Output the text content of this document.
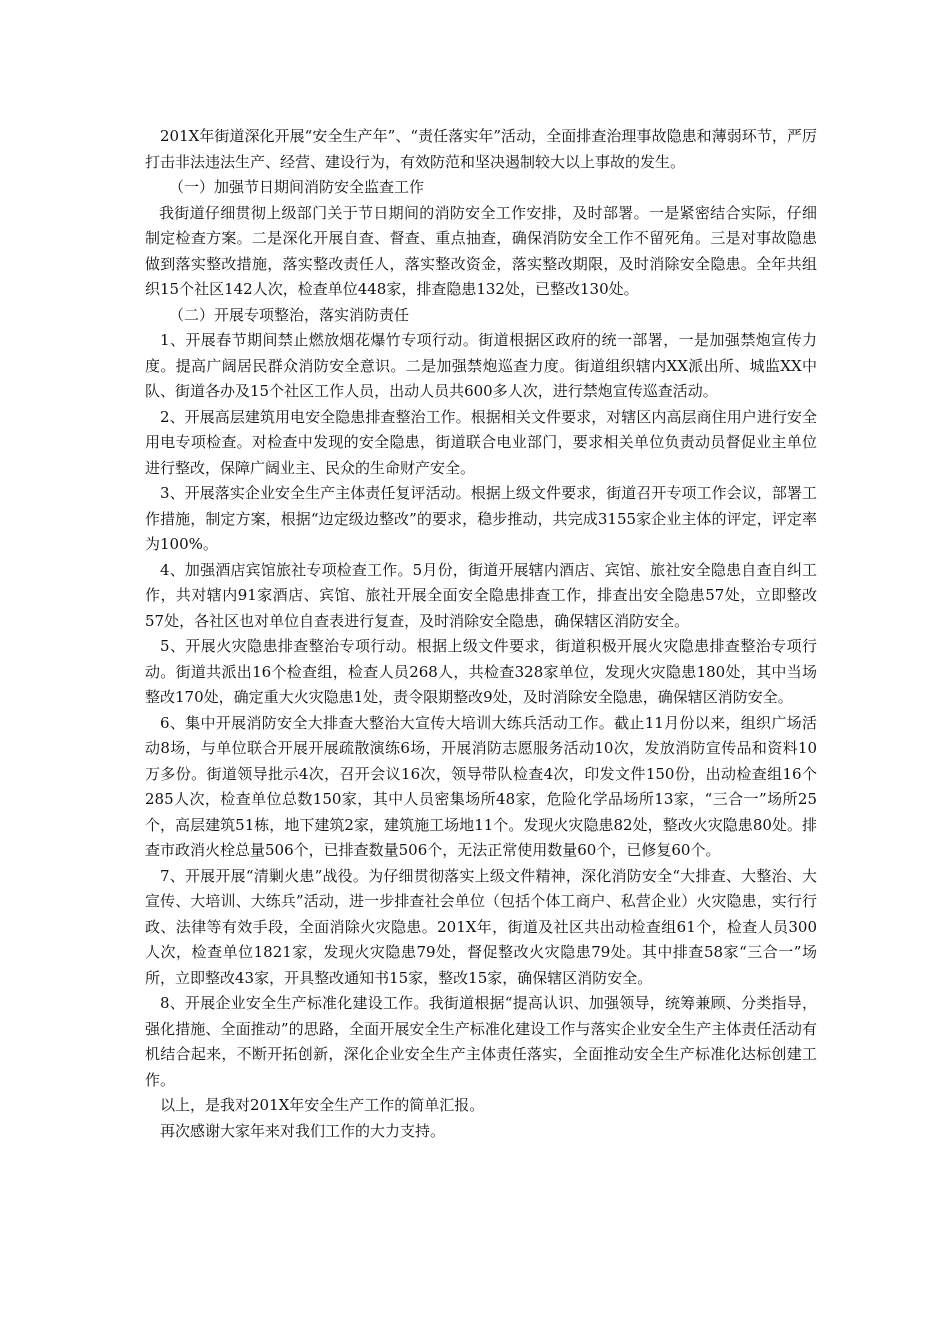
201X年街道深化开展“安全生产年”、“责任落实年”活动，全面排查治理事故隐患和薄弱环节，严厉打击非法违法生产、经营、建设行为，有效防范和坚决遏制较大以上事故的发生。

（一）加强节日期间消防安全监查工作

我街道仔细贯彻上级部门关于节日期间的消防安全工作安排，及时部署。一是紧密结合实际，仔细制定检查方案。二是深化开展自查、督查、重点抽查，确保消防安全工作不留死角。三是对事故隐患做到落实整改措施，落实整改责任人，落实整改资金，落实整改期限，及时消除安全隐患。全年共组织15个社区142人次，检查单位448家，排查隐患132处，已整改130处。

（二）开展专项整治，落实消防责任

1、开展春节期间禁止燃放烟花爆竹专项行动。街道根据区政府的统一部署，一是加强禁炮宣传力度。提高广阔居民群众消防安全意识。二是加强禁炮巡查力度。街道组织辖内XX派出所、城监XX中队、街道各办及15个社区工作人员，出动人员共600多人次，进行禁炮宣传巡查活动。

2、开展高层建筑用电安全隐患排查整治工作。根据相关文件要求，对辖区内高层商住用户进行安全用电专项检查。对检查中发现的安全隐患，街道联合电业部门，要求相关单位负责动员督促业主单位进行整改，保障广阔业主、民众的生命财产安全。

3、开展落实企业安全生产主体责任复评活动。根据上级文件要求，街道召开专项工作会议，部署工作措施，制定方案，根据“边定级边整改”的要求，稳步推动，共完成3155家企业主体的评定，评定率为100%。

4、加强酒店宾馆旅社专项检查工作。5月份，街道开展辖内酒店、宾馆、旅社安全隐患自查自纠工作，共对辖内91家酒店、宾馆、旅社开展全面安全隐患排查工作，排查出安全隐患57处，立即整改57处，各社区也对单位自查表进行复查，及时消除安全隐患，确保辖区消防安全。

5、开展火灾隐患排查整治专项行动。根据上级文件要求，街道积极开展火灾隐患排查整治专项行动。街道共派出16个检查组，检查人员268人，共检查328家单位，发现火灾隐患180处，其中当场整改170处，确定重大火灾隐患1处，责令限期整改9处，及时消除安全隐患，确保辖区消防安全。

6、集中开展消防安全大排查大整治大宣传大培训大练兵活动工作。截止11月份以来，组织广场活动8场，与单位联合开展开展疏散演练6场，开展消防志愿服务活动10次，发放消防宣传品和资料10万多份。街道领导批示4次，召开会议16次，领导带队检查4次，印发文件150份，出动检查组16个 285人次，检查单位总数150家，其中人员密集场所48家，危险化学品场所13家，“三合一”场所25个，高层建筑51栋，地下建筑2家，建筑施工场地11个。发现火灾隐患82处，整改火灾隐患80处。排查市政消火栓总量506个，已排查数量506个，无法正常使用数量60个，已修复60个。

7、开展开展“清剿火患”战役。为仔细贯彻落实上级文件精神，深化消防安全“大排查、大整治、大宣传、大培训、大练兵”活动，进一步排查社会单位（包括个体工商户、私营企业）火灾隐患，实行行政、法律等有效手段，全面消除火灾隐患。201X年，街道及社区共出动检查组61个，检查人员300人次，检查单位1821家，发现火灾隐患79处，督促整改火灾隐患79处。其中排查58家“三合一”场所，立即整改43家，开具整改通知书15家，整改15家，确保辖区消防安全。

8、开展企业安全生产标准化建设工作。我街道根据“提高认识、加强领导，统筹兼顾、分类指导，强化措施、全面推动”的思路，全面开展安全生产标准化建设工作与落实企业安全生产主体责任活动有机结合起来，不断开拓创新，深化企业安全生产主体责任落实，全面推动安全生产标准化达标创建工作。

以上，是我对201X年安全生产工作的简单汇报。

再次感谢大家年来对我们工作的大力支持。
